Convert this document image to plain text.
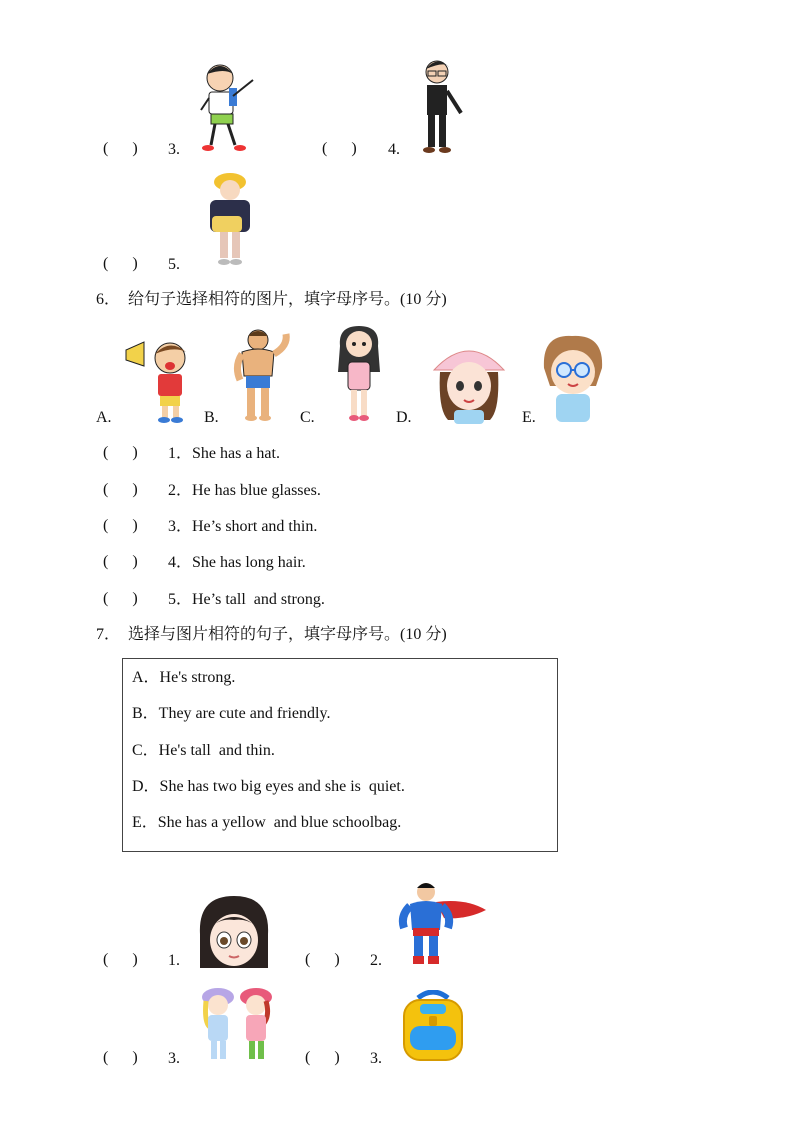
(      ) 3.	(      ) 4.
(      ) 5.
6．  给句子选择相符的图片，填字母序号。(10 分)
A.	B.	C.	D.	E.
(      ) 1．She has a hat.
(      ) 2．He has blue glasses.
(      ) 3．He’s short and thin.
(      ) 4．She has long hair.
(      ) 5．He’s tall  and strong.
7．  选择与图片相符的句子，填字母序号。(10 分)
A．He's strong.
B．They are cute and friendly.
C．He's tall  and thin.
D．She has two big eyes and she is  quiet.
E．She has a yellow  and blue schoolbag.
(      ) 1.	(      ) 2.
(      ) 3.	(      ) 3.
